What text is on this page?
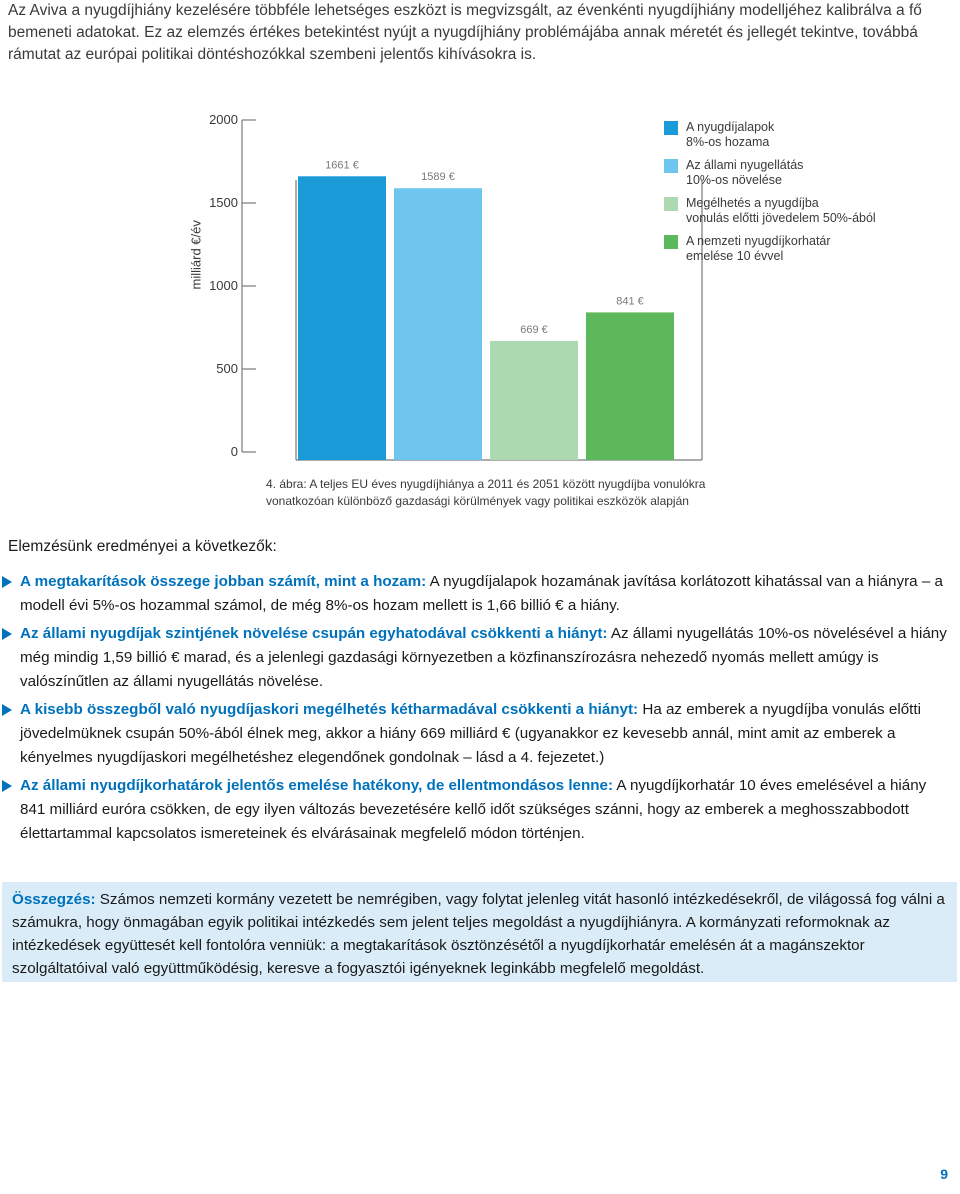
Az Aviva a nyugdíjhiány kezelésére többféle lehetséges eszközt is megvizsgált, az évenkénti nyugdíjhiány modelljéhez kalibrálva a fő bemeneti adatokat. Ez az elemzés értékes betekintést nyújt a nyugdíjhiány problémájába annak méretét és jellegét tekintve, továbbá rámutat az európai politikai döntéshozókkal szembeni jelentős kihívásokra is.

2000
1500
1000
500
0
1661 €
1589 €
669 €
841 €
milliárd €/év
A nyugdíjalapok
8%-os hozama
Az állami nyugellátás
10%-os növelése
Megélhetés a nyugdíjba
vonulás előtti jövedelem 50%-ából
A nemzeti nyugdíjkorhatár
emelése 10 évvel

4. ábra: A teljes EU éves nyugdíjhiánya a 2011 és 2051 között nyugdíjba vonulókra

vonatkozóan különböző gazdasági körülmények vagy politikai eszközök alapján

Elemzésünk eredményei a következők:
A megtakarítások összege jobban számít, mint a hozam: A nyugdíjalapok hozamának javítása korlátozott kihatással van a hiányra – a modell évi 5%-os hozammal számol, de még 8%-os hozam mellett is 1,66 billió € a hiány.
Az állami nyugdíjak szintjének növelése csupán egyhatodával csökkenti a hiányt: Az állami nyugellátás 10%-os növelésével a hiány még mindig 1,59 billió € marad, és a jelenlegi gazdasági környezetben a közfinanszírozásra nehezedő nyomás mellett amúgy is valószínűtlen az állami nyugellátás növelése.
A kisebb összegből való nyugdíjaskori megélhetés kétharmadával csökkenti a hiányt: Ha az emberek a nyugdíjba vonulás előtti jövedelmüknek csupán 50%-ából élnek meg, akkor a hiány 669 milliárd € (ugyanakkor ez kevesebb annál, mint amit az emberek a kényelmes nyugdíjaskori megélhetéshez elegendőnek gondolnak – lásd a 4. fejezetet.)
Az állami nyugdíjkorhatárok jelentős emelése hatékony, de ellentmondásos lenne: A nyugdíjkorhatár 10 éves emelésével a hiány 841 milliárd euróra csökken, de egy ilyen változás bevezetésére kellő időt szükséges szánni, hogy az emberek a meghosszabbodott élettartammal kapcsolatos ismereteinek és elvárásainak megfelelő módon történjen.
Összegzés: Számos nemzeti kormány vezetett be nemrégiben, vagy folytat jelenleg vitát hasonló intézkedésekről, de világossá fog válni a számukra, hogy önmagában egyik politikai intézkedés sem jelent teljes megoldást a nyugdíjhiányra. A kormányzati reformoknak az intézkedések együttesét kell fontolóra venniük: a megtakarítások ösztönzésétől a nyugdíjkorhatár emelésén át a magánszektor szolgáltatóival való együttműködésig, keresve a fogyasztói igényeknek leginkább megfelelő megoldást.
9
